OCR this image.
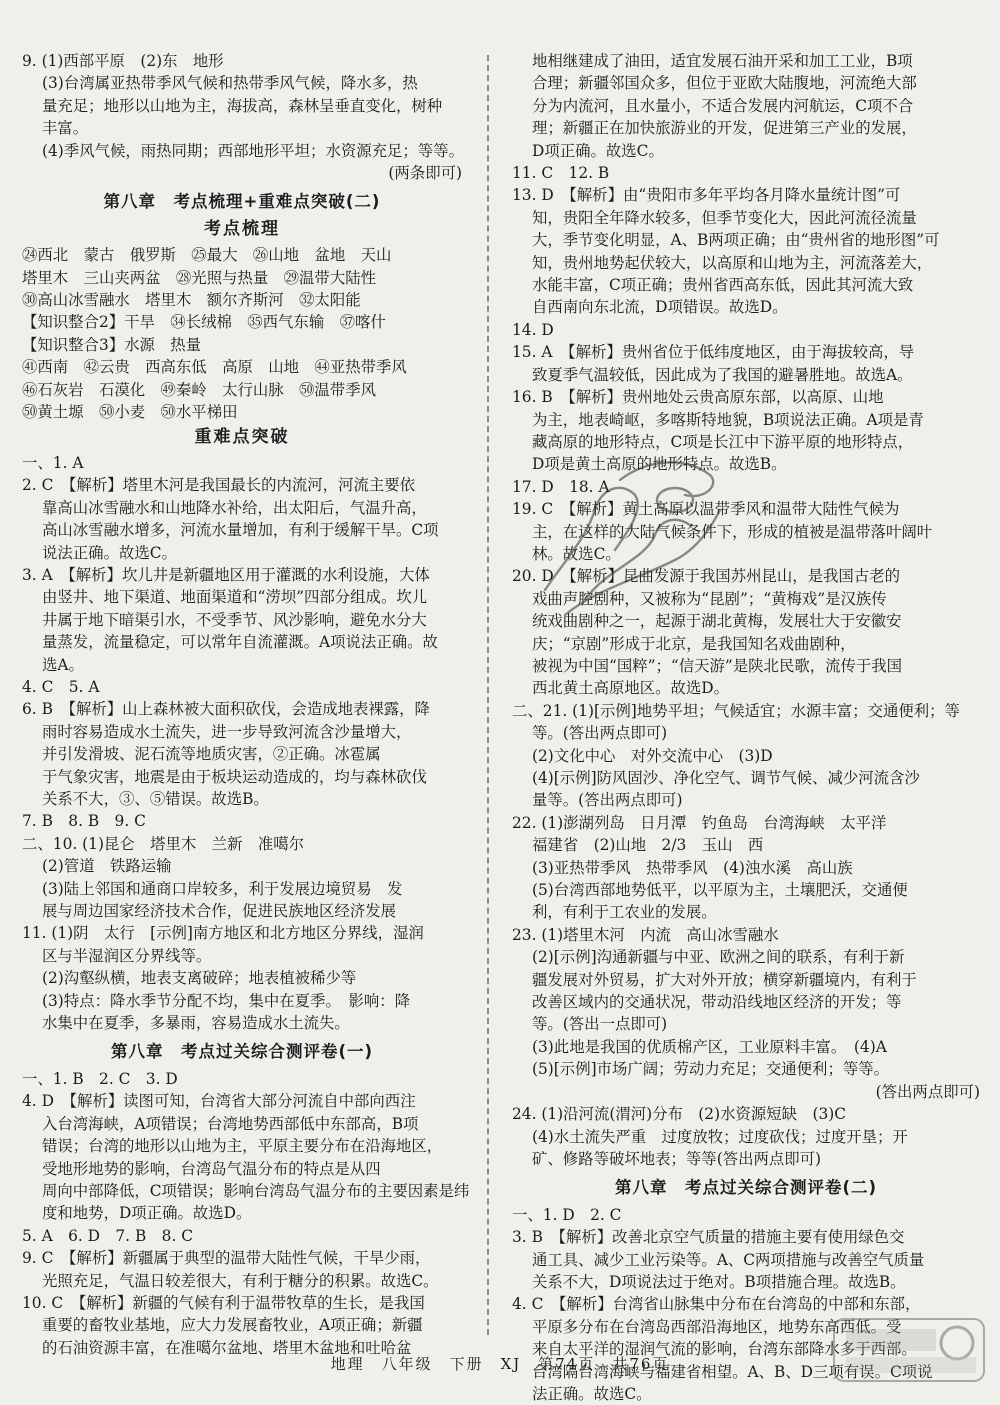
9. (1)西部平原　(2)东　地形
(3)台湾属亚热带季风气候和热带季风气候，降水多，热
量充足；地形以山地为主，海拔高，森林呈垂直变化，树种
丰富。
(4)季风气候，雨热同期；西部地形平坦；水资源充足；等等。
(两条即可)
第八章　考点梳理+重难点突破(二)
考点梳理
㉔西北　蒙古　俄罗斯　㉕最大　㉖山地　盆地　天山
塔里木　三山夹两盆　㉘光照与热量　㉙温带大陆性
㉚高山冰雪融水　塔里木　额尔齐斯河　㉜太阳能
【知识整合2】干旱　㉞长绒棉　㉟西气东输　㊲喀什
【知识整合3】水源　热量
㊶西南　㊷云贵　西高东低　高原　山地　㊹亚热带季风
㊻石灰岩　石漠化　㊾秦岭　太行山脉　㊿温带季风
㊿黄土塬　㊿小麦　㊿水平梯田
重难点突破
一、1. A
2. C　【解析】塔里木河是我国最长的内流河，河流主要依
靠高山冰雪融水和山地降水补给，出太阳后，气温升高，
高山冰雪融水增多，河流水量增加，有利于缓解干旱。C项
说法正确。故选C。
3. A　【解析】坎儿井是新疆地区用于灌溉的水利设施，大体
由竖井、地下渠道、地面渠道和“涝坝”四部分组成。坎儿
井属于地下暗渠引水，不受季节、风沙影响，避免水分大
量蒸发，流量稳定，可以常年自流灌溉。A项说法正确。故
选A。
4. C　5. A
6. B　【解析】山上森林被大面积砍伐，会造成地表裸露，降
雨时容易造成水土流失，进一步导致河流含沙量增大，
并引发滑坡、泥石流等地质灾害，②正确。冰雹属
于气象灾害，地震是由于板块运动造成的，均与森林砍伐
关系不大，③、⑤错误。故选B。
7. B　8. B　9. C
二、10. (1)昆仑　塔里木　兰新　准噶尔
(2)管道　铁路运输
(3)陆上邻国和通商口岸较多，利于发展边境贸易　发
展与周边国家经济技术合作，促进民族地区经济发展
11. (1)阴　太行　[示例]南方地区和北方地区分界线，湿润
区与半湿润区分界线等。
(2)沟壑纵横，地表支离破碎；地表植被稀少等
(3)特点：降水季节分配不均，集中在夏季。　影响：降
水集中在夏季，多暴雨，容易造成水土流失。
第八章　考点过关综合测评卷(一)
一、1. B　2. C　3. D
4. D　【解析】读图可知，台湾省大部分河流自中部向西注
入台湾海峡，A项错误；台湾地势西部低中东部高，B项
错误；台湾的地形以山地为主，平原主要分布在沿海地区，
受地形地势的影响，台湾岛气温分布的特点是从四
周向中部降低，C项错误；影响台湾岛气温分布的主要因素是纬
度和地势，D项正确。故选D。
5. A　6. D　7. B　8. C
9. C　【解析】新疆属于典型的温带大陆性气候，干旱少雨，
光照充足，气温日较差很大，有利于糖分的积累。故选C。
10. C　【解析】新疆的气候有利于温带牧草的生长，是我国
重要的畜牧业基地，应大力发展畜牧业，A项正确；新疆
的石油资源丰富，在准噶尔盆地、塔里木盆地和吐哈盆
地相继建成了油田，适宜发展石油开采和加工工业，B项
合理；新疆邻国众多，但位于亚欧大陆腹地，河流绝大部
分为内流河，且水量小，不适合发展内河航运，C项不合
理；新疆正在加快旅游业的开发，促进第三产业的发展，
D项正确。故选C。
11. C　12. B
13. D　【解析】由“贵阳市多年平均各月降水量统计图”可
知，贵阳全年降水较多，但季节变化大，因此河流径流量
大，季节变化明显，A、B两项正确；由“贵州省的地形图”可
知，贵州地势起伏较大，以高原和山地为主，河流落差大，
水能丰富，C项正确；贵州省西高东低，因此其河流大致
自西南向东北流，D项错误。故选D。
14. D
15. A　【解析】贵州省位于低纬度地区，由于海拔较高，导
致夏季气温较低，因此成为了我国的避暑胜地。故选A。
16. B　【解析】贵州地处云贵高原东部，以高原、山地
为主，地表崎岖，多喀斯特地貌，B项说法正确。A项是青
藏高原的地形特点，C项是长江中下游平原的地形特点，
D项是黄土高原的地形特点。故选B。
17. D　18. A
19. C　【解析】黄土高原以温带季风和温带大陆性气候为
主，在这样的大陆气候条件下，形成的植被是温带落叶阔叶
林。故选C。
20. D　【解析】昆曲发源于我国苏州昆山，是我国古老的
戏曲声腔剧种，又被称为“昆剧”；“黄梅戏”是汉族传
统戏曲剧种之一，起源于湖北黄梅，发展壮大于安徽安
庆；“京剧”形成于北京，是我国知名戏曲剧种，
被视为中国“国粹”；“信天游”是陕北民歌，流传于我国
西北黄土高原地区。故选D。
二、21. (1)[示例]地势平坦；气候适宜；水源丰富；交通便利；等
等。(答出两点即可)
(2)文化中心　对外交流中心　(3)D
(4)[示例]防风固沙、净化空气、调节气候、减少河流含沙
量等。(答出两点即可)
22. (1)澎湖列岛　日月潭　钓鱼岛　台湾海峡　太平洋
福建省　(2)山地　2/3　玉山　西
(3)亚热带季风　热带季风　(4)浊水溪　高山族
(5)台湾西部地势低平，以平原为主，土壤肥沃，交通便
利，有利于工农业的发展。
23. (1)塔里木河　内流　高山冰雪融水
(2)[示例]沟通新疆与中亚、欧洲之间的联系，有利于新
疆发展对外贸易，扩大对外开放；横穿新疆境内，有利于
改善区域内的交通状况，带动沿线地区经济的开发；等
等。(答出一点即可)
(3)此地是我国的优质棉产区，工业原料丰富。　(4)A
(5)[示例]市场广阔；劳动力充足；交通便利；等等。
(答出两点即可)
24. (1)沿河流(渭河)分布　(2)水资源短缺　(3)C
(4)水土流失严重　过度放牧；过度砍伐；过度开垦；开
矿、修路等破坏地表；等等(答出两点即可)
第八章　考点过关综合测评卷(二)
一、1. D　2. C
3. B　【解析】改善北京空气质量的措施主要有使用绿色交
通工具、减少工业污染等。A、C两项措施与改善空气质量
关系不大，D项说法过于绝对。B项措施合理。故选B。
4. C　【解析】台湾省山脉集中分布在台湾岛的中部和东部，
平原多分布在台湾岛西部沿海地区，地势东高西低。受
来自太平洋的湿润气流的影响，台湾东部降水多于西部。
台湾隔台湾海峡与福建省相望。A、B、D三项有误。C项说
法正确。故选C。
地理　八年级　下册　XJ　第74页　共76页
